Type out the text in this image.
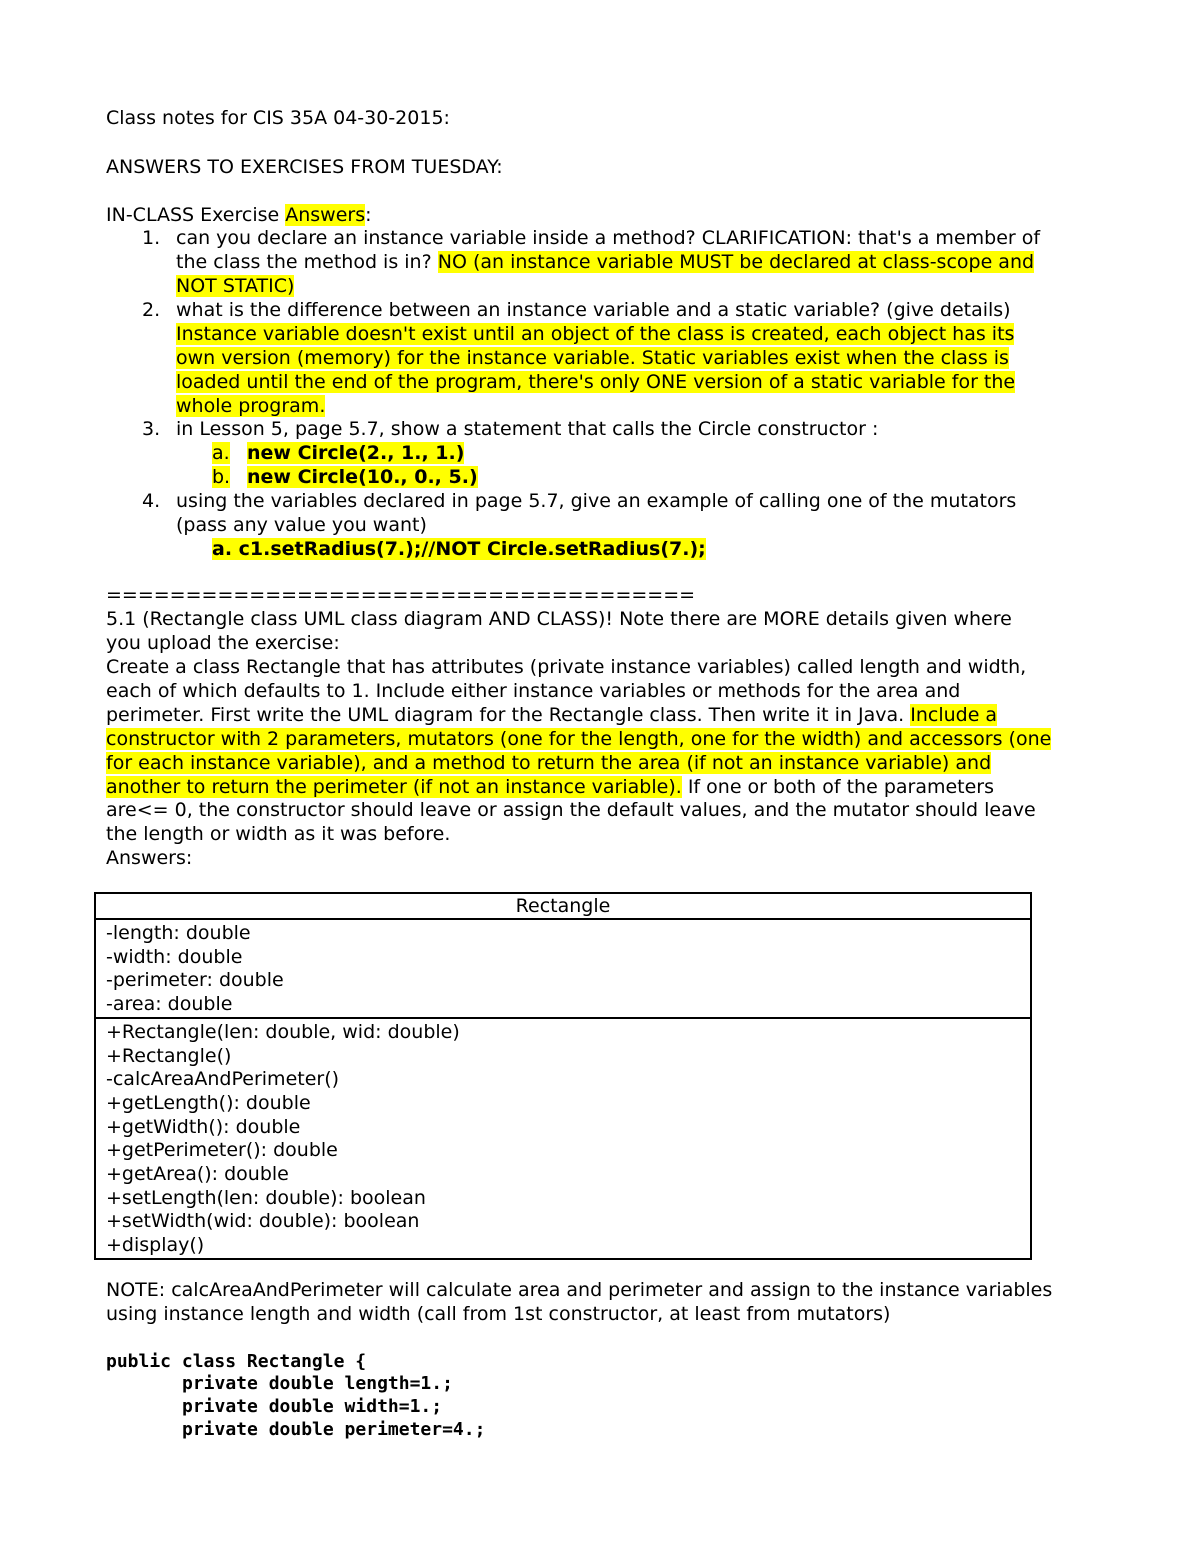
Class notes for CIS 35A 04-30-2015:
ANSWERS TO EXERCISES FROM TUESDAY:
IN-CLASS Exercise Answers:
1. can you declare an instance variable inside a method? CLARIFICATION: that's a member of
the class the method is in? NO (an instance variable MUST be declared at class-scope and
NOT STATIC)
2. what is the difference between an instance variable and a static variable? (give details)
Instance variable doesn't exist until an object of the class is created, each object has its
own version (memory) for the instance variable. Static variables exist when the class is
loaded until the end of the program, there's only ONE version of a static variable for the
whole program.
3. in Lesson 5, page 5.7, show a statement that calls the Circle constructor :
a. new Circle(2., 1., 1.)
b. new Circle(10., 0., 5.)
4. using the variables declared in page 5.7, give an example of calling one of the mutators
(pass any value you want)
a. c1.setRadius(7.);//NOT Circle.setRadius(7.);
=====================================
5.1 (Rectangle class UML class diagram AND CLASS)! Note there are MORE details given where
you upload the exercise:
Create a class Rectangle that has attributes (private instance variables) called length and width,
each of which defaults to 1. Include either instance variables or methods for the area and
perimeter. First write the UML diagram for the Rectangle class. Then write it in Java. Include a
constructor with 2 parameters, mutators (one for the length, one for the width) and accessors (one
for each instance variable), and a method to return the area (if not an instance variable) and
another to return the perimeter (if not an instance variable). If one or both of the parameters
are<= 0, the constructor should leave or assign the default values, and the mutator should leave
the length or width as it was before.
Answers:
NOTE: calcAreaAndPerimeter will calculate area and perimeter and assign to the instance variables
using instance length and width (call from 1st constructor, at least from mutators)
public class Rectangle {
private double length=1.;
private double width=1.;
private double perimeter=4.;
Rectangle
-length: double
-width: double
-perimeter: double
-area: double
+Rectangle(len: double, wid: double)
+Rectangle()
-calcAreaAndPerimeter()
+getLength(): double
+getWidth(): double
+getPerimeter(): double
+getArea(): double
+setLength(len: double): boolean
+setWidth(wid: double): boolean
+display()
